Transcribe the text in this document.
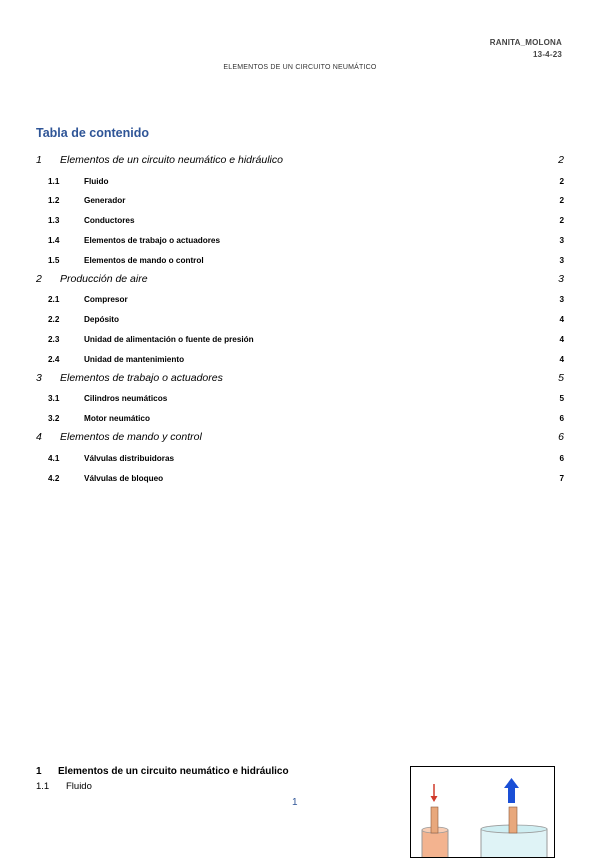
RANITA_MOLONA
13-4-23
ELEMENTOS DE UN CIRCUITO NEUMÁTICO
Tabla de contenido
1 Elementos de un circuito neumático e hidráulico	2
1.1	Fluido	2
1.2	Generador	2
1.3	Conductores	2
1.4	Elementos de trabajo o actuadores	3
1.5	Elementos de mando o control	3
2 Producción de aire	3
2.1	Compresor	3
2.2	Depósito	4
2.3	Unidad de alimentación o fuente de presión	4
2.4	Unidad de mantenimiento	4
3 Elementos de trabajo o actuadores	5
3.1	Cilindros neumáticos	5
3.2	Motor neumático	6
4 Elementos de mando y control	6
4.1	Válvulas distribuidoras	6
4.2	Válvulas de bloqueo	7
1 Elementos de un circuito neumático e hidráulico
1.1 Fluido
1
